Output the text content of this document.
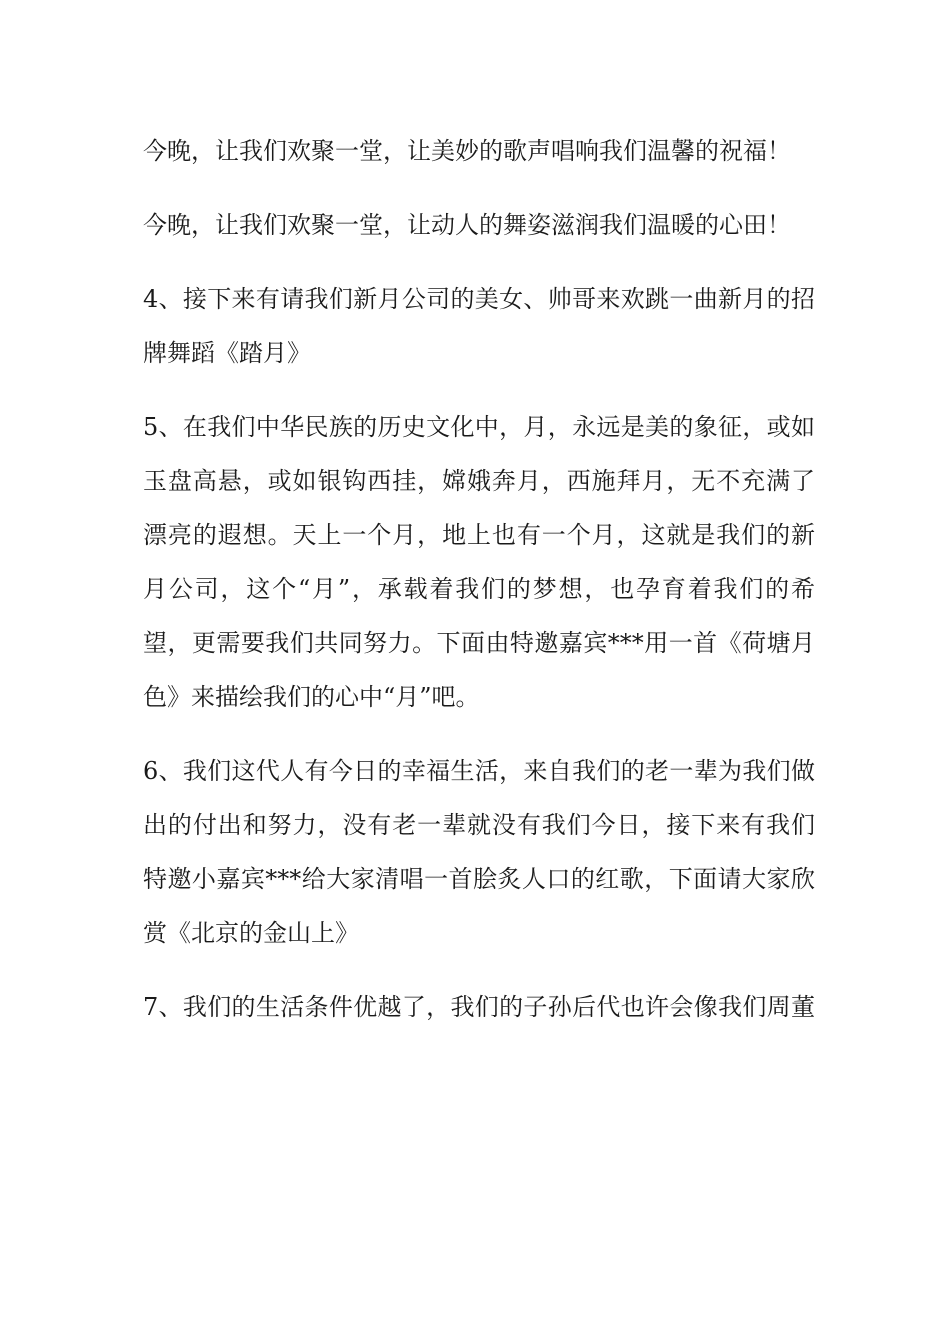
今晚，让我们欢聚一堂，让美妙的歌声唱响我们温馨的祝福！
今晚，让我们欢聚一堂，让动人的舞姿滋润我们温暖的心田！
4、接下来有请我们新月公司的美女、帅哥来欢跳一曲新月的招
牌舞蹈《踏月》
5、在我们中华民族的历史文化中，月，永远是美的象征，或如
玉盘高悬，或如银钩西挂，嫦娥奔月，西施拜月，无不充满了
漂亮的遐想。天上一个月，地上也有一个月，这就是我们的新
月公司，这个“月”，承载着我们的梦想，也孕育着我们的希
望，更需要我们共同努力。下面由特邀嘉宾***用一首《荷塘月
色》来描绘我们的心中“月”吧。
6、我们这代人有今日的幸福生活，来自我们的老一辈为我们做
出的付出和努力，没有老一辈就没有我们今日，接下来有我们
特邀小嘉宾***给大家清唱一首脍炙人口的红歌，下面请大家欣
赏《北京的金山上》
7、我们的生活条件优越了，我们的子孙后代也许会像我们周董
